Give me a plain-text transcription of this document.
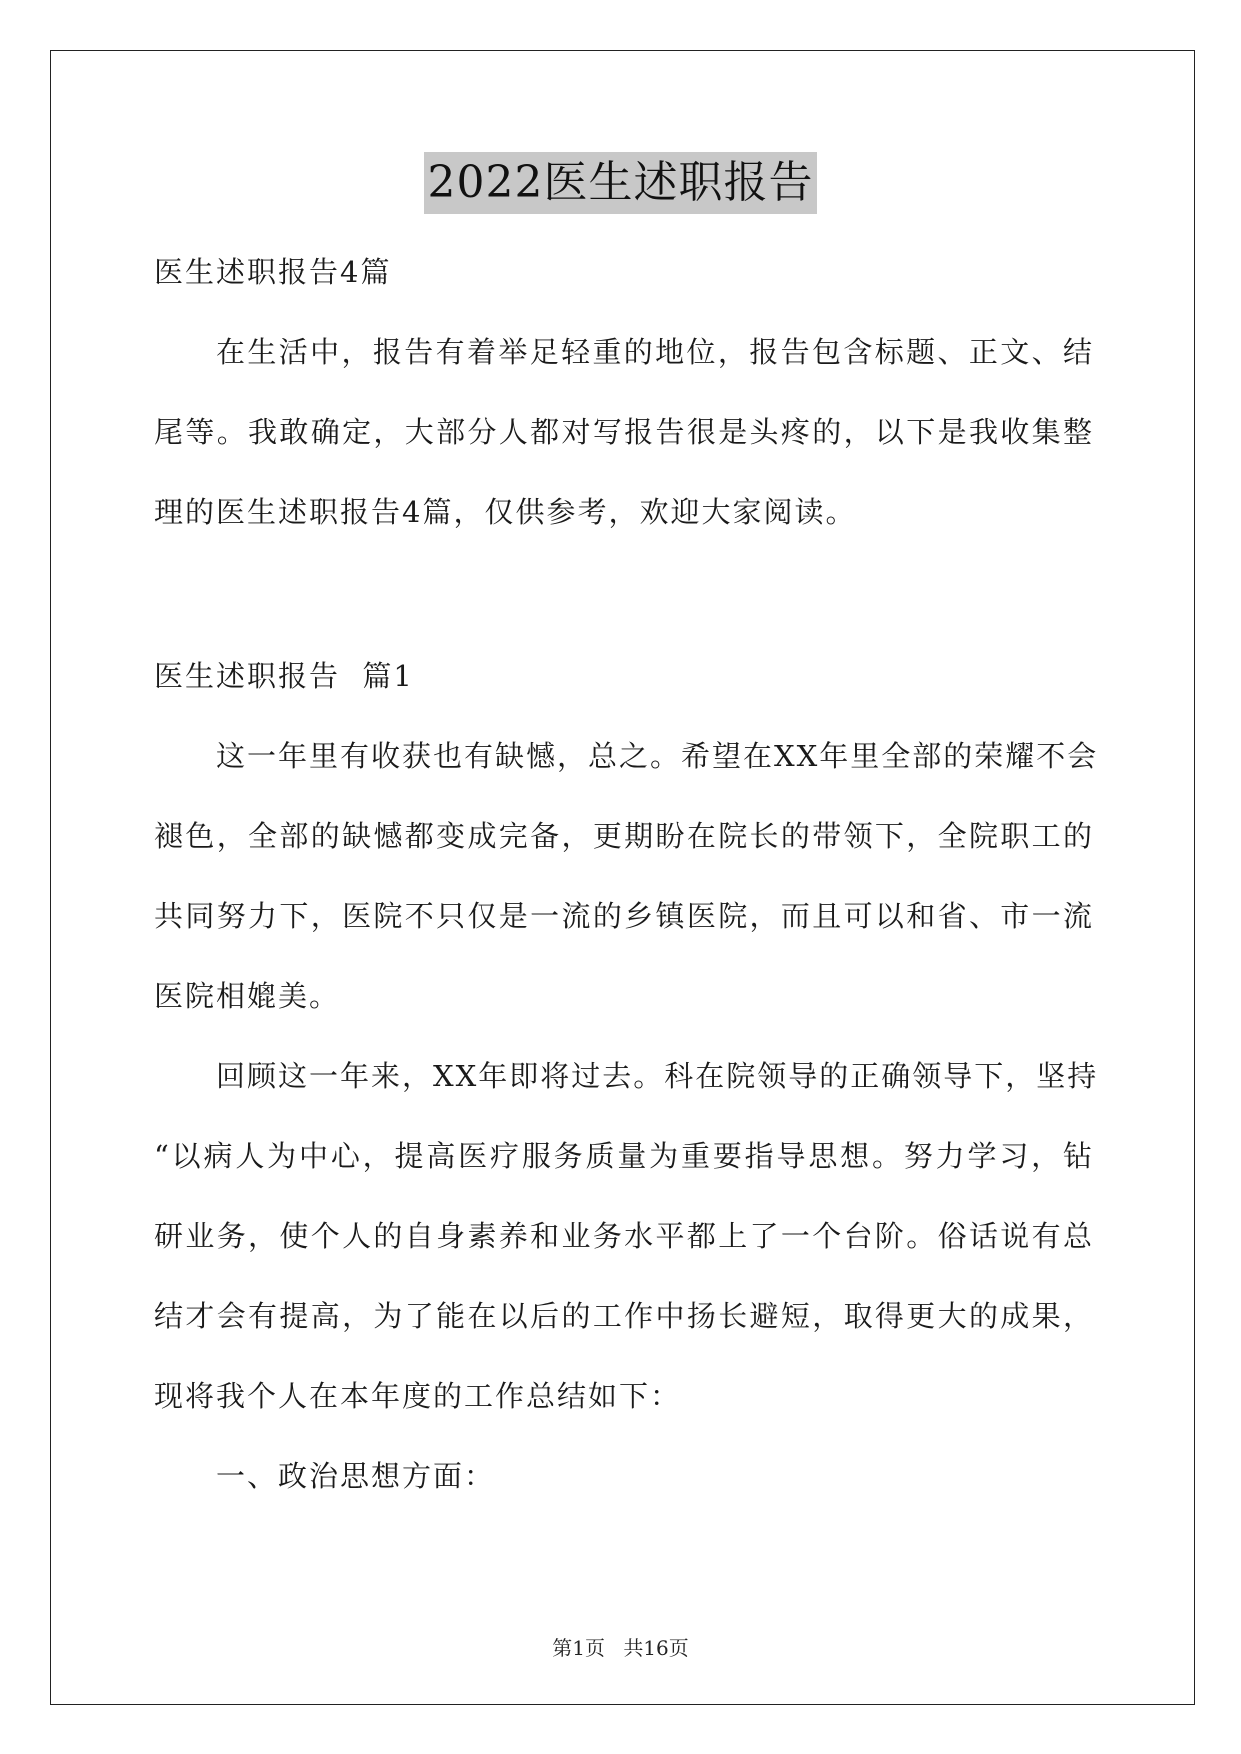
2022医生述职报告
医生述职报告4篇
在生活中，报告有着举足轻重的地位，报告包含标题、正文、结
尾等。我敢确定，大部分人都对写报告很是头疼的，以下是我收集整
理的医生述职报告4篇，仅供参考，欢迎大家阅读。
医生述职报告  篇1
这一年里有收获也有缺憾，总之。希望在XX年里全部的荣耀不会
褪色，全部的缺憾都变成完备，更期盼在院长的带领下，全院职工的
共同努力下，医院不只仅是一流的乡镇医院，而且可以和省、市一流
医院相媲美。
回顾这一年来，XX年即将过去。科在院领导的正确领导下，坚持
“以病人为中心，提高医疗服务质量为重要指导思想。努力学习，钻
研业务，使个人的自身素养和业务水平都上了一个台阶。俗话说有总
结才会有提高，为了能在以后的工作中扬长避短，取得更大的成果，
现将我个人在本年度的工作总结如下：
一、政治思想方面：
第1页 共16页
